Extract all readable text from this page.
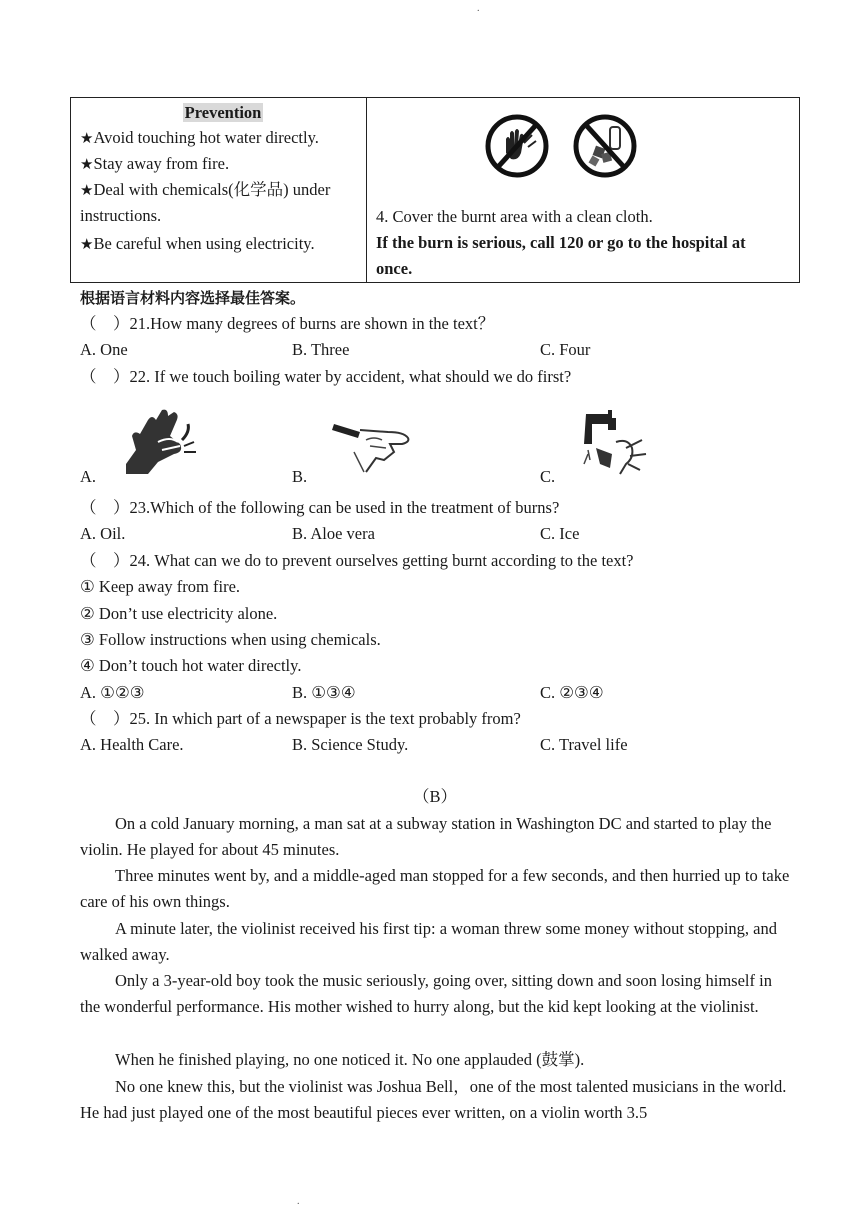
.
Prevention
★Avoid touching hot water directly.
★Stay away from fire.
★Deal with chemicals(化学品) under
instructions.
★Be careful when using electricity.
4. Cover the burnt area with a clean cloth.
If the burn is serious, call 120 or go to the hospital at
once.
根据语言材料内容选择最佳答案。
（　）21.How many degrees of burns are shown in the text？
A. One	B. Three	C. Four
（　）22. If we touch boiling water by accident, what should we do first?
A.	B.	C.
（　）23.Which of the following can be used in the treatment of burns?
A. Oil.	B. Aloe vera	C. Ice
（　）24. What can we do to prevent ourselves getting burnt according to the text?
① Keep away from fire.
② Don’t use electricity alone.
③ Follow instructions when using chemicals.
④ Don’t touch hot water directly.
A. ①②③	B. ①③④	C. ②③④
（　）25. In which part of a newspaper is the text probably from?
A. Health Care.	B. Science Study.	C. Travel life
（B）
On a cold January morning, a man sat at a subway station in Washington DC and started to play the violin. He played for about 45 minutes.
Three minutes went by, and a middle-aged man stopped for a few seconds, and then hurried up to take care of his own things.
A minute later, the violinist received his first tip: a woman threw some money without stopping, and walked away.
Only a 3-year-old boy took the music seriously, going over, sitting down and soon losing himself in the wonderful performance. His mother wished to hurry along, but the kid kept looking at the violinist.
When he finished playing, no one noticed it. No one applauded (鼓掌).
No one knew this, but the violinist was Joshua Bell，one of the most talented musicians in the world. He had just played one of the most beautiful pieces ever written, on a violin worth 3.5
.
